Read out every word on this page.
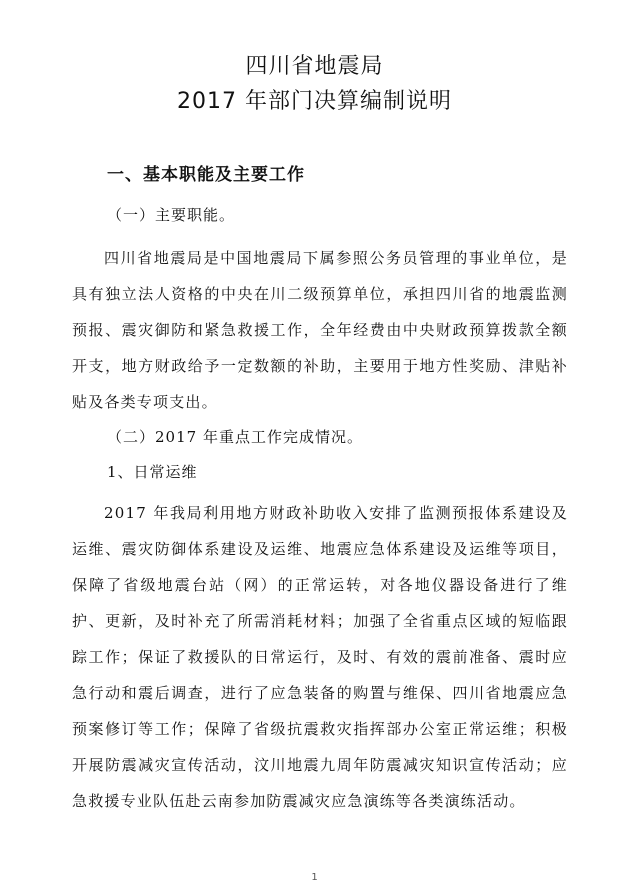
四川省地震局
2017 年部门决算编制说明
一、基本职能及主要工作
（一）主要职能。

四川省地震局是中国地震局下属参照公务员管理的事业单位，是具有独立法人资格的中央在川二级预算单位，承担四川省的地震监测预报、震灾御防和紧急救援工作，全年经费由中央财政预算拨款全额开支，地方财政给予一定数额的补助，主要用于地方性奖励、津贴补贴及各类专项支出。

（二）2017 年重点工作完成情况。
1、日常运维

2017 年我局利用地方财政补助收入安排了监测预报体系建设及运维、震灾防御体系建设及运维、地震应急体系建设及运维等项目，保障了省级地震台站（网）的正常运转，对各地仪器设备进行了维护、更新，及时补充了所需消耗材料；加强了全省重点区域的短临跟踪工作；保证了救援队的日常运行，及时、有效的震前准备、震时应急行动和震后调查，进行了应急装备的购置与维保、四川省地震应急预案修订等工作；保障了省级抗震救灾指挥部办公室正常运维；积极开展防震减灾宣传活动，汶川地震九周年防震减灾知识宣传活动；应急救援专业队伍赴云南参加防震减灾应急演练等各类演练活动。

1
